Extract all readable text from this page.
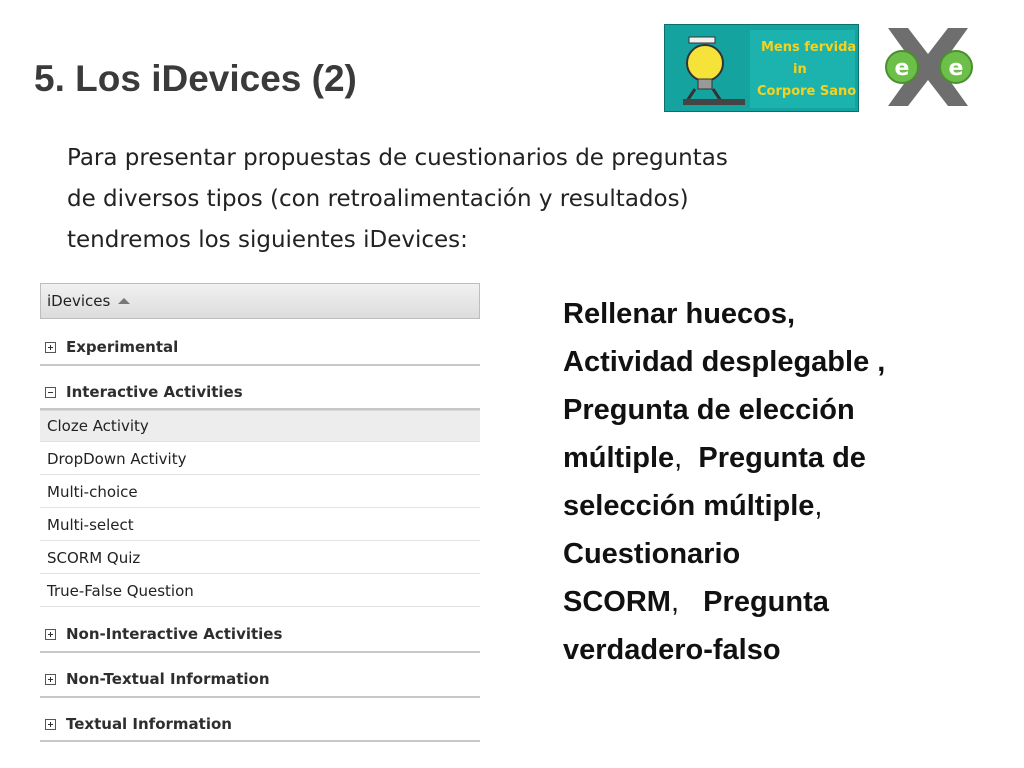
5. Los iDevices (2)
Mens fervida
in
Corpore Sano
e e
Para presentar propuestas de cuestionarios de preguntas
de diversos tipos (con retroalimentación y resultados)
tendremos los siguientes iDevices:
iDevices
Experimental
Interactive Activities
Cloze Activity
DropDown Activity
Multi-choice
Multi-select
SCORM Quiz
True-False Question
Non-Interactive Activities
Non-Textual Information
Textual Information
Rellenar huecos,
Actividad desplegable ,
Pregunta de elección
múltiple,  Pregunta de
selección múltiple,
Cuestionario
SCORM,   Pregunta
verdadero-falso
